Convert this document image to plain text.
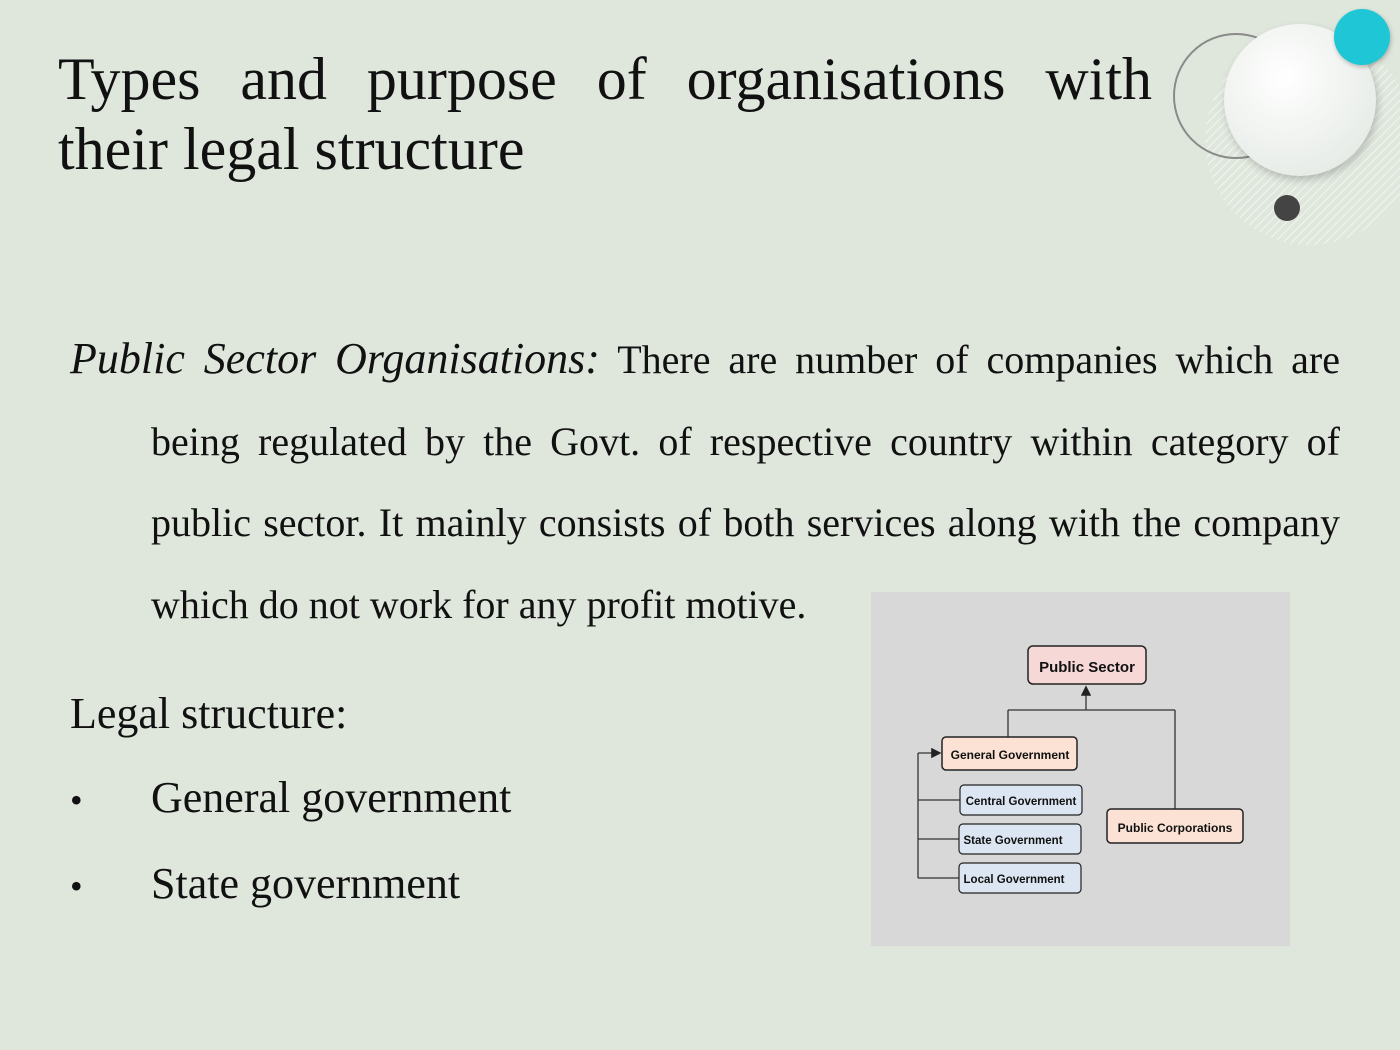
Types and purpose of organisations with their legal structure

Public Sector Organisations: There are number of companies which are being regulated by the Govt. of respective country within category of public sector. It mainly consists of both services along with the company which do not work for any profit motive.

Legal structure:
•	General government
•	State government
Public Sector
General Government
Central Government
State Government
Local Government
Public Corporations
